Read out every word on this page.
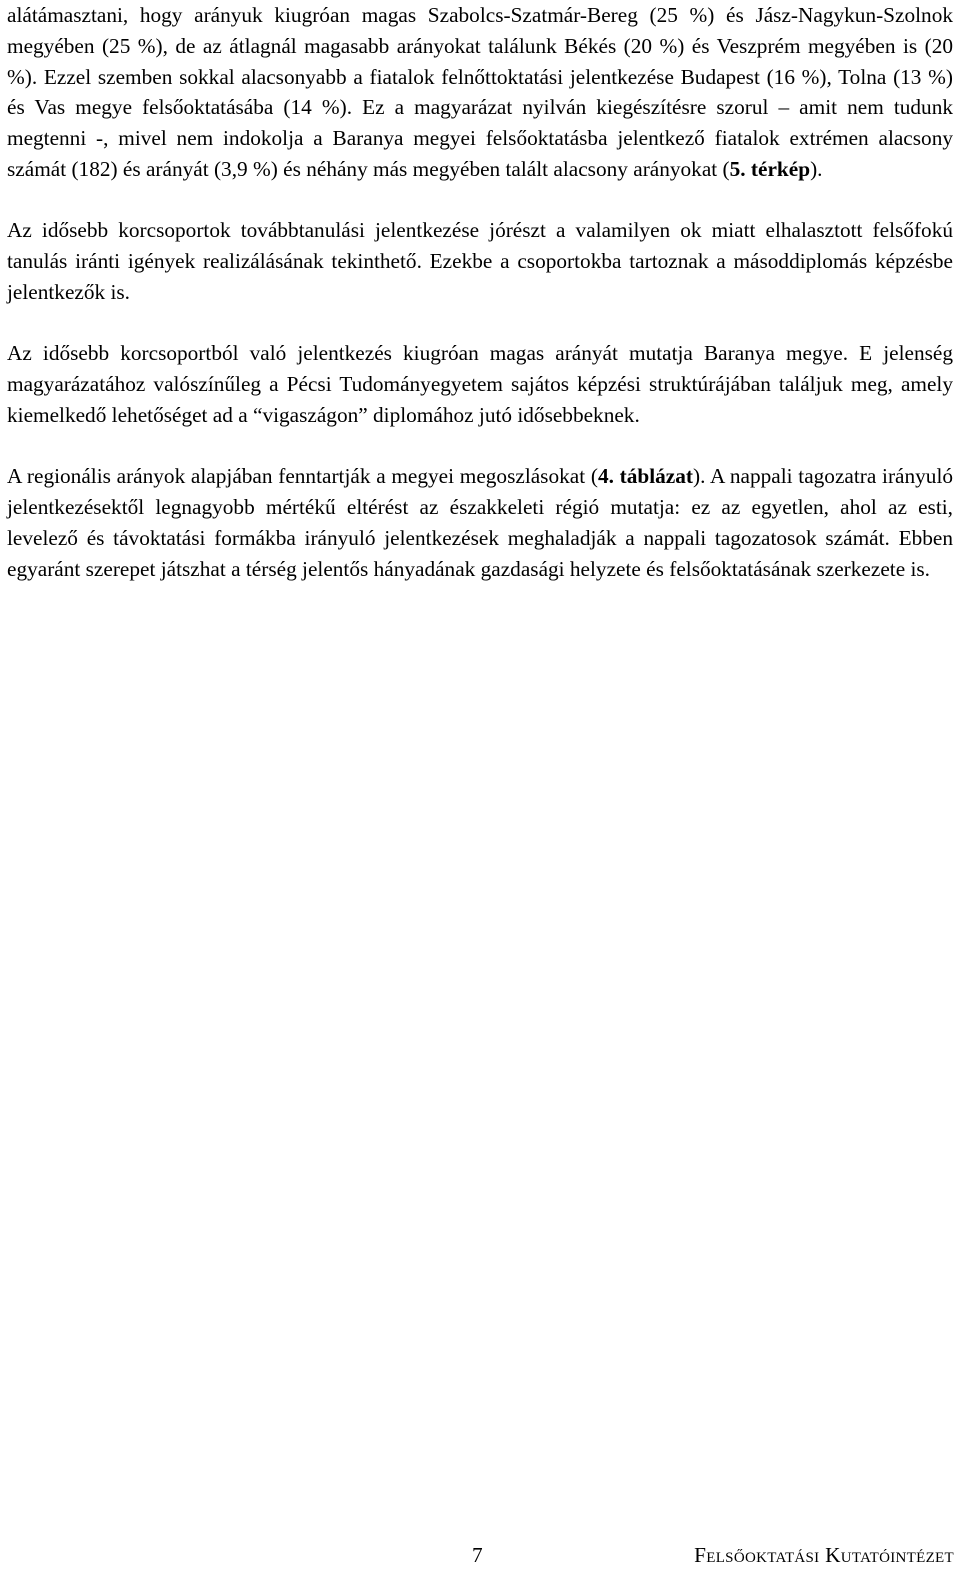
alátámasztani, hogy arányuk kiugróan magas Szabolcs-Szatmár-Bereg (25 %) és Jász-Nagykun-Szolnok megyében (25 %), de az átlagnál magasabb arányokat találunk Békés (20 %) és Veszprém megyében is (20 %). Ezzel szemben sokkal alacsonyabb a fiatalok felnőttoktatási jelentkezése Budapest (16 %), Tolna (13 %) és Vas megye felsőoktatásába (14 %). Ez a magyarázat nyilván kiegészítésre szorul – amit nem tudunk megtenni -, mivel nem indokolja a Baranya megyei felsőoktatásba jelentkező fiatalok extrémen alacsony számát (182) és arányát (3,9 %) és néhány más megyében talált alacsony arányokat (5. térkép).

Az idősebb korcsoportok továbbtanulási jelentkezése jórészt a valamilyen ok miatt elhalasztott felsőfokú tanulás iránti igények realizálásának tekinthető. Ezekbe a csoportokba tartoznak a másoddiplomás képzésbe jelentkezők is.

Az idősebb korcsoportból való jelentkezés kiugróan magas arányát mutatja Baranya megye. E jelenség magyarázatához valószínűleg a Pécsi Tudományegyetem sajátos képzési struktúrájában találjuk meg, amely kiemelkedő lehetőséget ad a “vigaszágon” diplomához jutó idősebbeknek.

A regionális arányok alapjában fenntartják a megyei megoszlásokat (4. táblázat). A nappali tagozatra irányuló jelentkezésektől legnagyobb mértékű eltérést az északkeleti régió mutatja: ez az egyetlen, ahol az esti, levelező és távoktatási formákba irányuló jelentkezések meghaladják a nappali tagozatosok számát. Ebben egyaránt szerepet játszhat a térség jelentős hányadának gazdasági helyzete és felsőoktatásának szerkezete is.

7	Felsőoktatási Kutatóintézet
